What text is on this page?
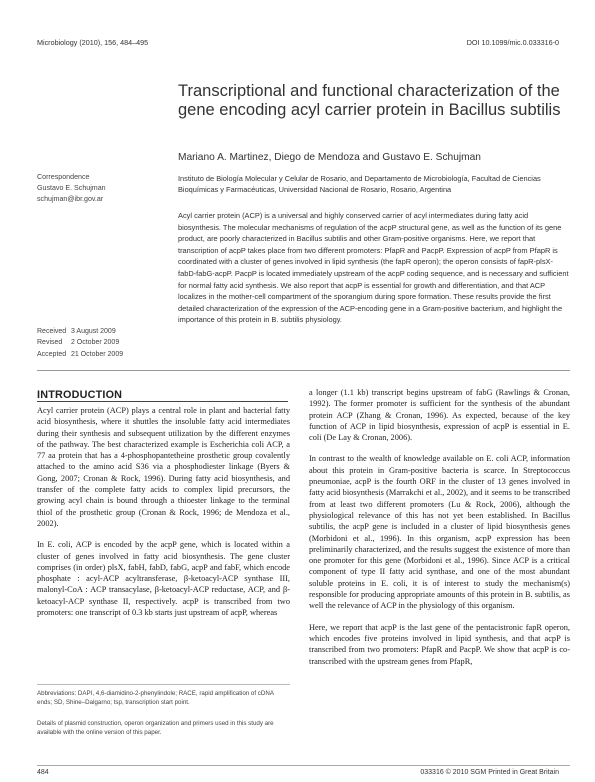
Microbiology (2010), 156, 484–495	DOI 10.1099/mic.0.033316-0
Transcriptional and functional characterization of the gene encoding acyl carrier protein in Bacillus subtilis
Mariano A. Martinez, Diego de Mendoza and Gustavo E. Schujman
Instituto de Biología Molecular y Celular de Rosario, and Departamento de Microbiología, Facultad de Ciencias Bioquímicas y Farmacéuticas, Universidad Nacional de Rosario, Rosario, Argentina
Correspondence
Gustavo E. Schujman
schujman@ibr.gov.ar
Acyl carrier protein (ACP) is a universal and highly conserved carrier of acyl intermediates during fatty acid biosynthesis. The molecular mechanisms of regulation of the acpP structural gene, as well as the function of its gene product, are poorly characterized in Bacillus subtilis and other Gram-positive organisms. Here, we report that transcription of acpP takes place from two different promoters: PfapR and PacpP. Expression of acpP from PfapR is coordinated with a cluster of genes involved in lipid synthesis (the fapR operon); the operon consists of fapR-plsX-fabD-fabG-acpP. PacpP is located immediately upstream of the acpP coding sequence, and is necessary and sufficient for normal fatty acid synthesis. We also report that acpP is essential for growth and differentiation, and that ACP localizes in the mother-cell compartment of the sporangium during spore formation. These results provide the first detailed characterization of the expression of the ACP-encoding gene in a Gram-positive bacterium, and highlight the importance of this protein in B. subtilis physiology.
Received 3 August 2009
Revised 2 October 2009
Accepted 21 October 2009
INTRODUCTION

Acyl carrier protein (ACP) plays a central role in plant and bacterial fatty acid biosynthesis, where it shuttles the insoluble fatty acid intermediates during their synthesis and subsequent utilization by the different enzymes of the pathway. The best characterized example is Escherichia coli ACP, a 77 aa protein that has a 4-phosphopantetheine prosthetic group covalently attached to the amino acid S36 via a phosphodiester linkage (Byers & Gong, 2007; Cronan & Rock, 1996). During fatty acid biosynthesis, and transfer of the complete fatty acids to complex lipid precursors, the growing acyl chain is bound through a thioester linkage to the terminal thiol of the prosthetic group (Cronan & Rock, 1996; de Mendoza et al., 2002).

In E. coli, ACP is encoded by the acpP gene, which is located within a cluster of genes involved in fatty acid biosynthesis. The gene cluster comprises (in order) plsX, fabH, fabD, fabG, acpP and fabF, which encode phosphate : acyl-ACP acyltransferase, β-ketoacyl-ACP synthase III, malonyl-CoA : ACP transacylase, β-ketoacyl-ACP reductase, ACP, and β-ketoacyl-ACP synthase II, respectively. acpP is transcribed from two promoters: one transcript of 0.3 kb starts just upstream of acpP, whereas

a longer (1.1 kb) transcript begins upstream of fabG (Rawlings & Cronan, 1992). The former promoter is sufficient for the synthesis of the abundant protein ACP (Zhang & Cronan, 1996). As expected, because of the key function of ACP in lipid biosynthesis, expression of acpP is essential in E. coli (De Lay & Cronan, 2006).

In contrast to the wealth of knowledge available on E. coli ACP, information about this protein in Gram-positive bacteria is scarce. In Streptococcus pneumoniae, acpP is the fourth ORF in the cluster of 13 genes involved in fatty acid biosynthesis (Marrakchi et al., 2002), and it seems to be transcribed from at least two different promoters (Lu & Rock, 2006), although the physiological relevance of this has not yet been established. In Bacillus subtilis, the acpP gene is included in a cluster of lipid biosynthesis genes (Morbidoni et al., 1996). In this organism, acpP expression has been preliminarily characterized, and the results suggest the existence of more than one promoter for this gene (Morbidoni et al., 1996). Since ACP is a critical component of type II fatty acid synthase, and one of the most abundant soluble proteins in E. coli, it is of interest to study the mechanism(s) responsible for producing appropriate amounts of this protein in B. subtilis, as well the relevance of ACP in the physiology of this organism.

Here, we report that acpP is the last gene of the pentacistronic fapR operon, which encodes five proteins involved in lipid synthesis, and that acpP is transcribed from two promoters: PfapR and PacpP. We show that acpP is co-transcribed with the upstream genes from PfapR,

Abbreviations: DAPI, 4,6-diamidino-2-phenylindole; RACE, rapid amplification of cDNA ends; SD, Shine–Dalgarno; tsp, transcription start point.
Details of plasmid construction, operon organization and primers used in this study are available with the online version of this paper.
484	033316 © 2010 SGM Printed in Great Britain
